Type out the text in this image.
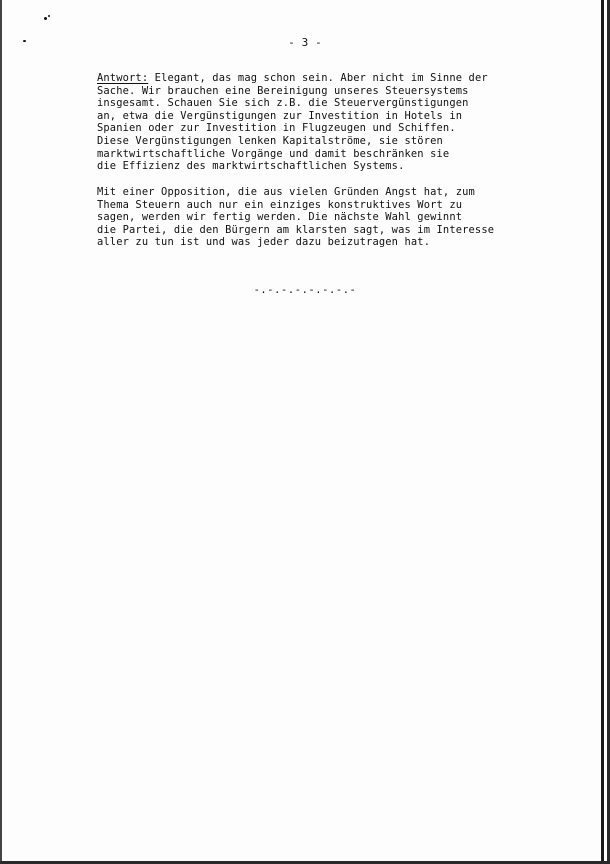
- 3 -
Antwort: Elegant, das mag schon sein. Aber nicht im Sinne der
Sache. Wir brauchen eine Bereinigung unseres Steuersystems
insgesamt. Schauen Sie sich z.B. die Steuervergünstigungen
an, etwa die Vergünstigungen zur Investition in Hotels in
Spanien oder zur Investition in Flugzeugen und Schiffen.
Diese Vergünstigungen lenken Kapitalströme, sie stören
marktwirtschaftliche Vorgänge und damit beschränken sie
die Effizienz des marktwirtschaftlichen Systems.
Mit einer Opposition, die aus vielen Gründen Angst hat, zum
Thema Steuern auch nur ein einziges konstruktives Wort zu
sagen, werden wir fertig werden. Die nächste Wahl gewinnt
die Partei, die den Bürgern am klarsten sagt, was im Interesse
aller zu tun ist und was jeder dazu beizutragen hat.
-.-.-.-.-.-.-.-
